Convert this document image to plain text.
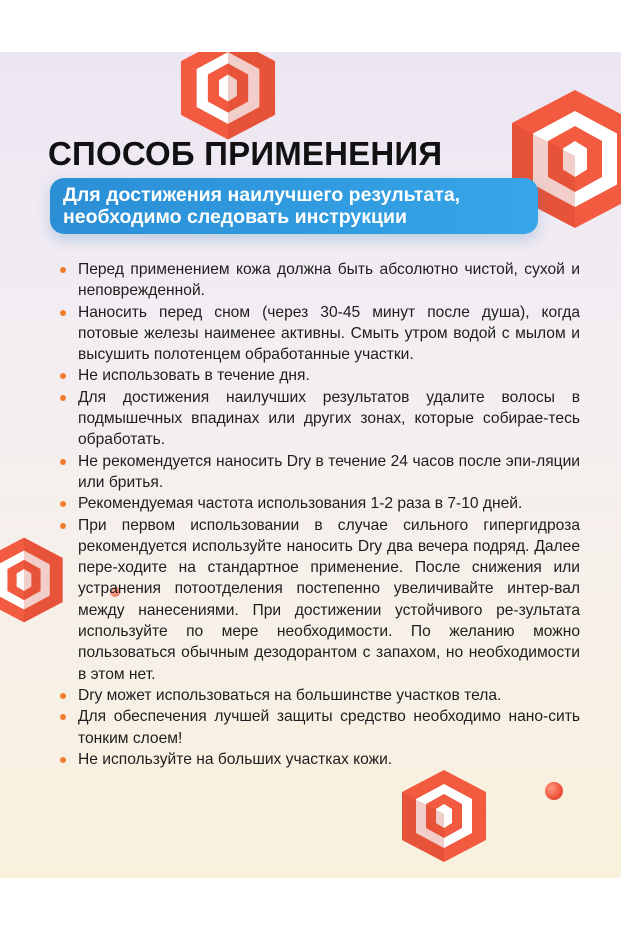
СПОСОБ ПРИМЕНЕНИЯ
Для достижения наилучшего результата,
необходимо следовать инструкции
Перед применением кожа должна быть абсолютно чистой, сухой и неповрежденной.
Наносить перед сном (через 30-45 минут после душа), когда потовые железы наименее активны. Смыть утром водой с мылом и высушить полотенцем обработанные участки.
Не использовать в течение дня.
Для достижения наилучших результатов удалите волосы в подмышечных впадинах или других зонах, которые собирае-тесь обработать.
Не рекомендуется наносить Dry в течение 24 часов после эпи-ляции или бритья.
Рекомендуемая частота использования 1-2 раза в 7-10 дней.
При первом использовании в случае сильного гипергидроза рекомендуется используйте наносить Dry два вечера подряд. Далее пере-ходите на стандартное применение. После снижения или устранения потоотделения постепенно увеличивайте интер-вал между нанесениями. При достижении устойчивого ре-зультата используйте по мере необходимости. По желанию можно пользоваться обычным дезодорантом с запахом, но необходимости в этом нет.
Dry может использоваться на большинстве участков тела.
Для обеспечения лучшей защиты средство необходимо нано-сить тонким слоем!
Не используйте на больших участках кожи.
